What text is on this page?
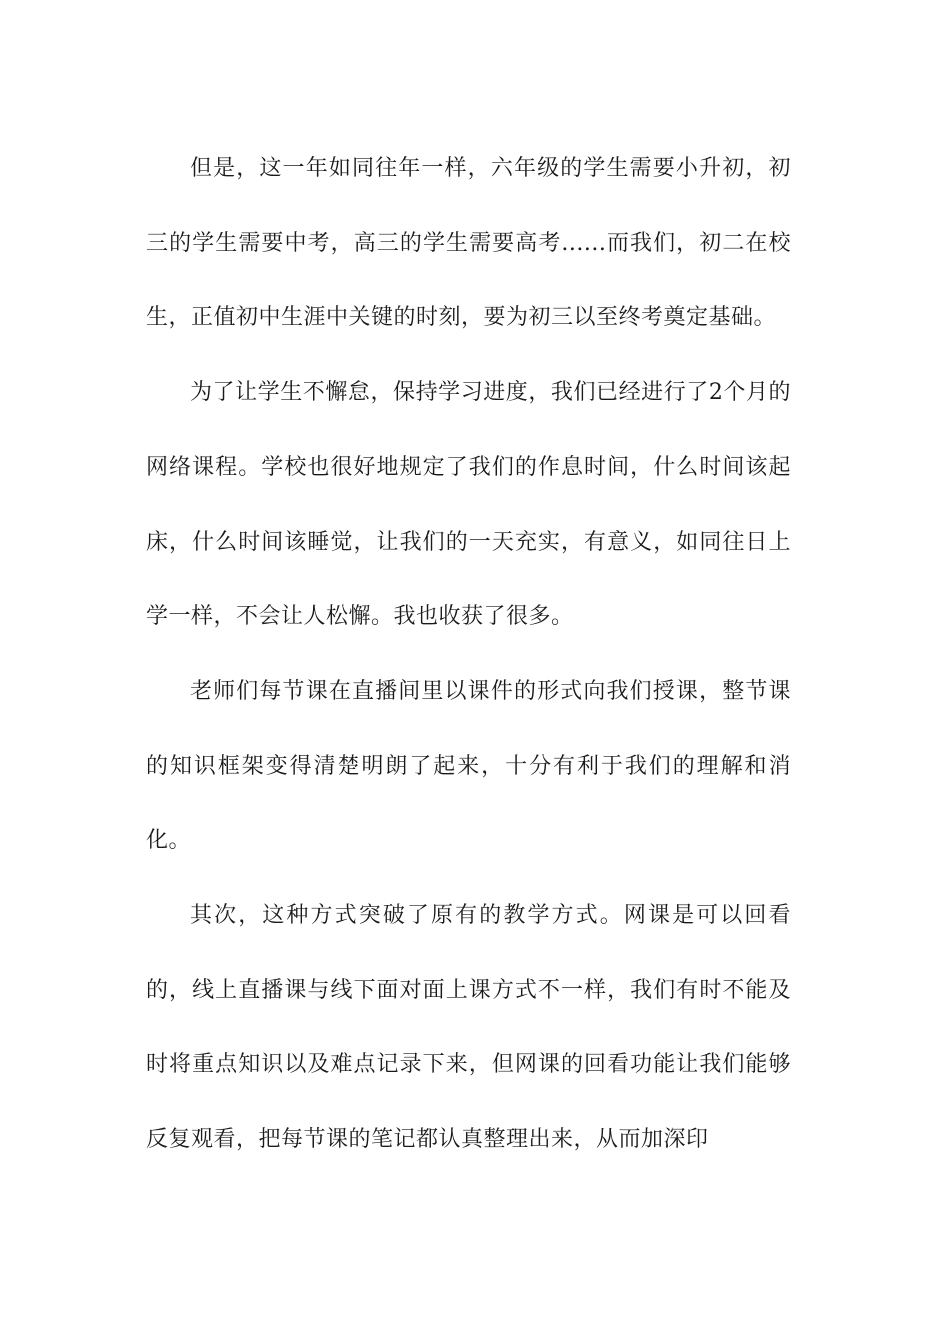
但是，这一年如同往年一样，六年级的学生需要小升初，初三的学生需要中考，高三的学生需要高考......而我们，初二在校生，正值初中生涯中关键的时刻，要为初三以至终考奠定基础。

为了让学生不懈怠，保持学习进度，我们已经进行了2个月的网络课程。学校也很好地规定了我们的作息时间，什么时间该起床，什么时间该睡觉，让我们的一天充实，有意义，如同往日上学一样，不会让人松懈。我也收获了很多。

老师们每节课在直播间里以课件的形式向我们授课，整节课的知识框架变得清楚明朗了起来，十分有利于我们的理解和消化。

其次，这种方式突破了原有的教学方式。网课是可以回看的，线上直播课与线下面对面上课方式不一样，我们有时不能及时将重点知识以及难点记录下来，但网课的回看功能让我们能够反复观看，把每节课的笔记都认真整理出来，从而加深印
